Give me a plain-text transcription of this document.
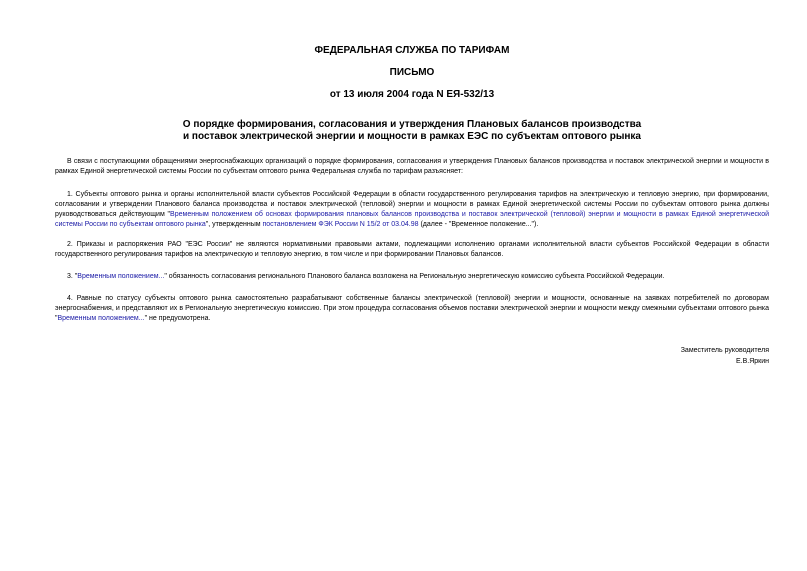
ФЕДЕРАЛЬНАЯ СЛУЖБА ПО ТАРИФАМ
ПИСЬМО
от 13 июля 2004 года N ЕЯ-532/13
О порядке формирования, согласования и утверждения Плановых балансов производства
и поставок электрической энергии и мощности в рамках ЕЭС по субъектам оптового рынка

В связи с поступающими обращениями энергоснабжающих организаций о порядке формирования, согласования и утверждения Плановых балансов производства и поставок электрической энергии и мощности в рамках Единой энергетической системы России по субъектам оптового рынка Федеральная служба по тарифам разъясняет:

1. Субъекты оптового рынка и органы исполнительной власти субъектов Российской Федерации в области государственного регулирования тарифов на электрическую и тепловую энергию, при формировании, согласовании и утверждении Планового баланса производства и поставок электрической (тепловой) энергии и мощности в рамках Единой энергетической системы России по субъектам оптового рынка должны руководствоваться действующим "Временным положением об основах формирования плановых балансов производства и поставок электрической (тепловой) энергии и мощности в рамках Единой энергетической системы России по субъектам оптового рынка", утвержденным постановлением ФЭК России N 15/2 от 03.04.98 (далее - "Временное положение...").

2. Приказы и распоряжения РАО "ЕЭС России" не являются нормативными правовыми актами, подлежащими исполнению органами исполнительной власти субъектов Российской Федерации в области государственного регулирования тарифов на электрическую и тепловую энергию, в том числе и при формировании Плановых балансов.

3. "Временным положением..." обязанность согласования регионального Планового баланса возложена на Региональную энергетическую комиссию субъекта Российской Федерации.

4. Равные по статусу субъекты оптового рынка самостоятельно разрабатывают собственные балансы электрической (тепловой) энергии и мощности, основанные на заявках потребителей по договорам энергоснабжения, и представляют их в Региональную энергетическую комиссию. При этом процедура согласования объемов поставки электрической энергии и мощности между смежными субъектами оптового рынка "Временным положением..." не предусмотрена.

Заместитель руководителя
Е.В.Яркин
